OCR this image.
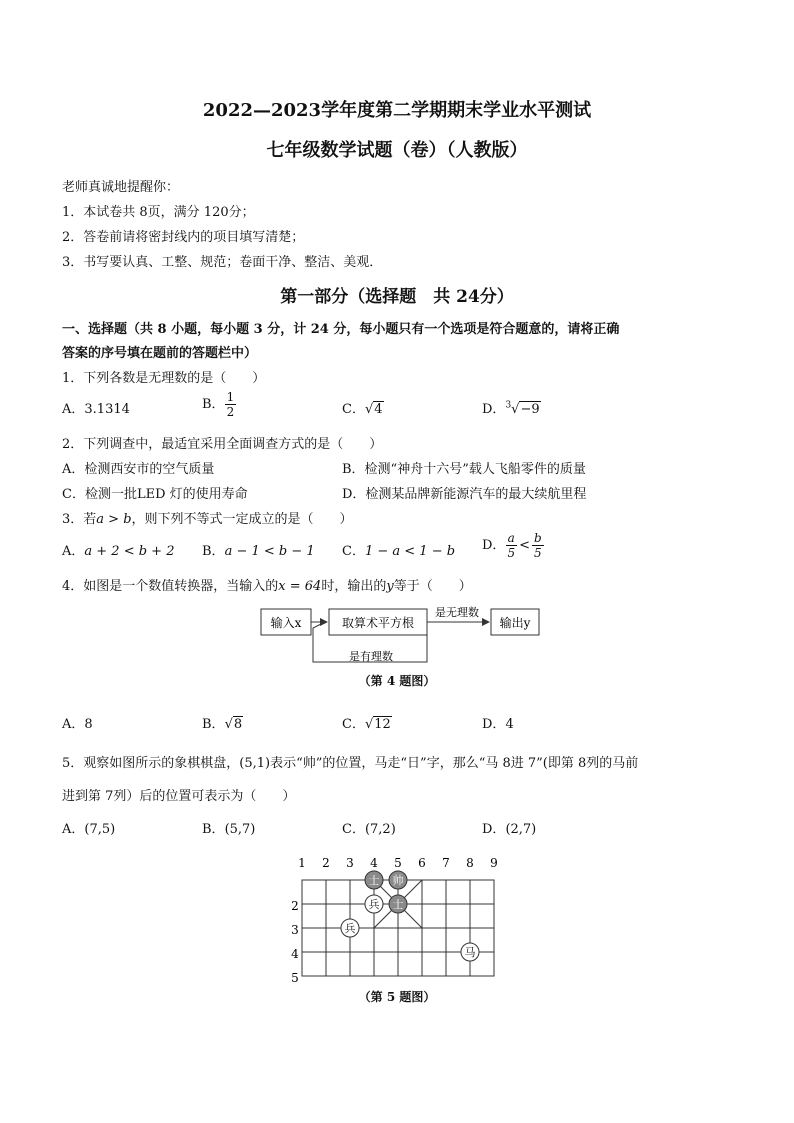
2022—2023学年度第二学期期末学业水平测试
七年级数学试题（卷）（人教版）
老师真诚地提醒你：
1．本试卷共 8页，满分 120分；
2．答卷前请将密封线内的项目填写清楚；
3．书写要认真、工整、规范；卷面干净、整洁、美观．
第一部分（选择题　共 24分）
一、选择题（共 8 小题，每小题 3 分，计 24 分，每小题只有一个选项是符合题意的，请将正确
答案的序号填在题前的答题栏中）
1．下列各数是无理数的是（　　）
A．3.1314	B． $\frac{1}{2}$	C．√4	D．$^3$√−9
2．下列调查中，最适宜采用全面调查方式的是（　　）
A．检测西安市的空气质量	B．检测“神舟十六号”载人飞船零件的质量
C．检测一批LED 灯的使用寿命	D．检测某品牌新能源汽车的最大续航里程
3．若a > b，则下列不等式一定成立的是（　　）
A．a + 2 < b + 2 B．a − 1 < b − 1 C．1 − a < 1 − b D． $\frac{a}{5} < \frac{b}{5}$
4．如图是一个数值转换器，当输入的x = 64时，输出的y等于（　　）
输入x	取算术平方根	输出y
是无理数
是有理数
（第 4 题图）
A．8	B．√8	C．√12	D．4
5．观察如图所示的象棋棋盘，(5,1)表示“帅”的位置，马走“日”字，那么“马 8进 7”(即第 8列的马前
进到第 7列）后的位置可表示为（　　）
A．(7,5)	B．(5,7)	C．(7,2)	D．(2,7)
1 2 3 4 5 6 7 8 9
2
3
4
5
士 帅
兵 士
兵
马
（第 5 题图）
